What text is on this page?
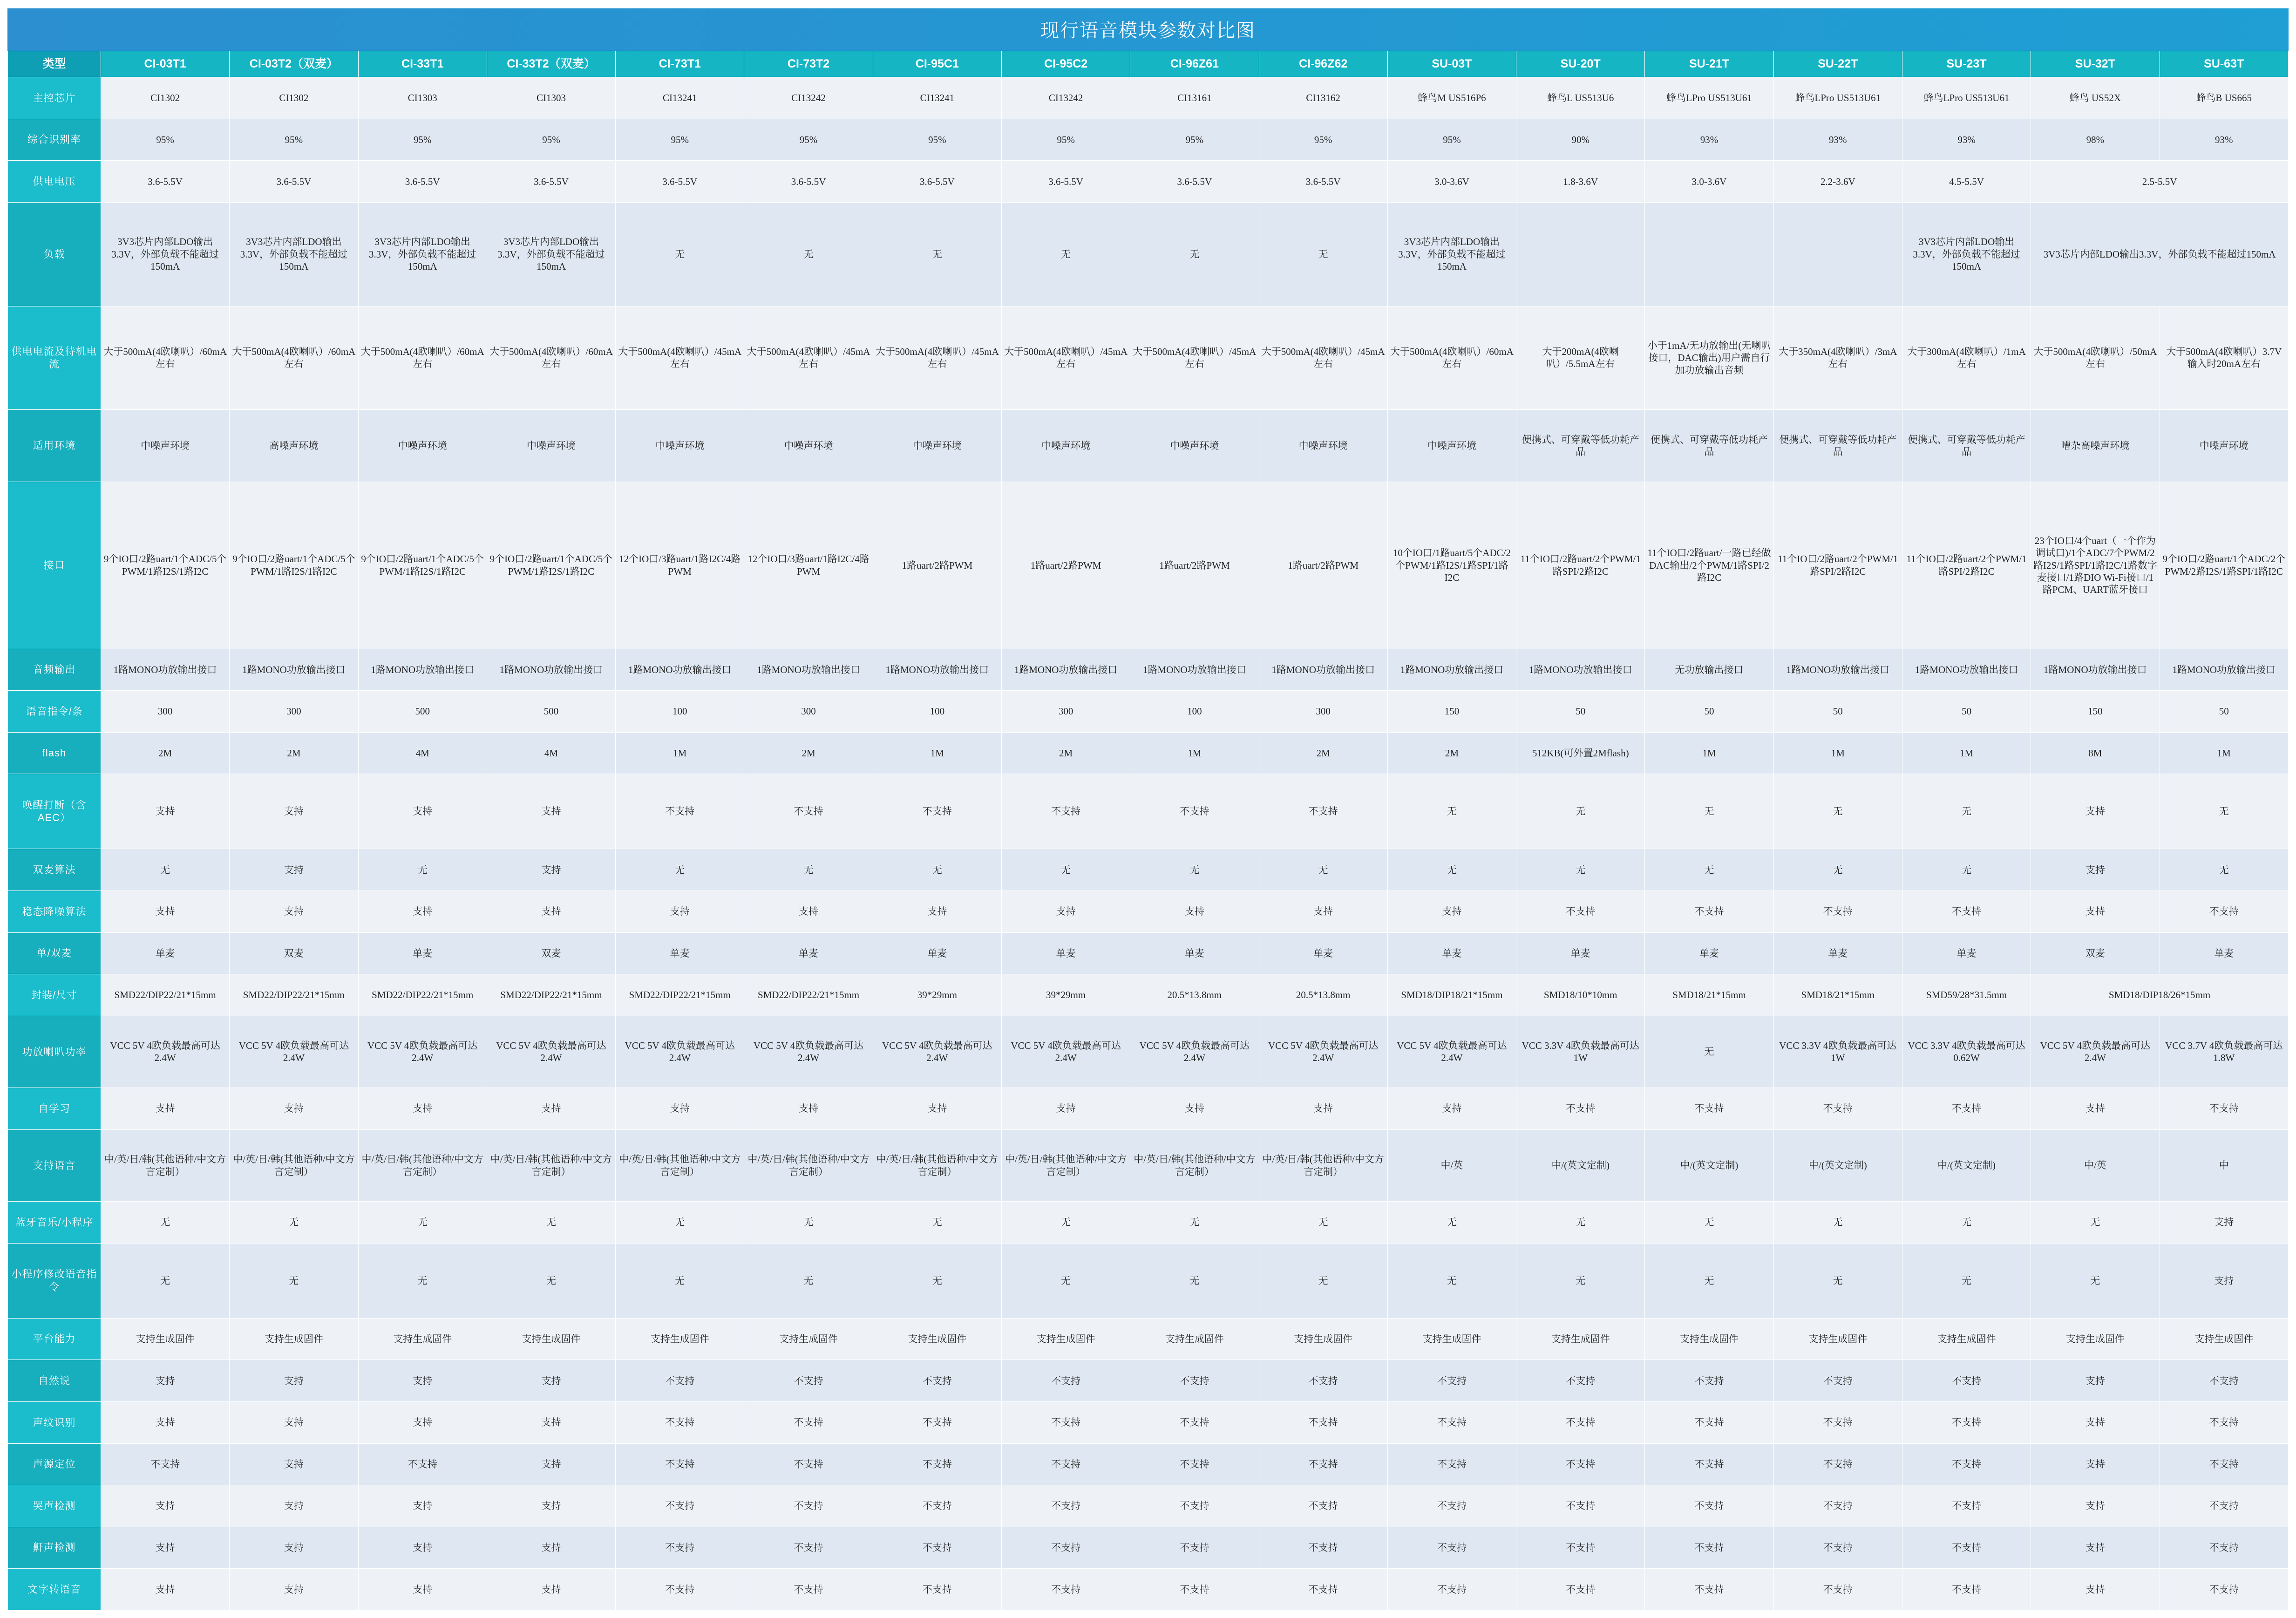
现行语音模块参数对比图
类型	CI-03T1	CI-03T2（双麦）	CI-33T1	CI-33T2（双麦）	CI-73T1	CI-73T2	CI-95C1	CI-95C2	CI-96Z61	CI-96Z62	SU-03T	SU-20T	SU-21T	SU-22T	SU-23T	SU-32T	SU-63T
主控芯片	CI1302	CI1302	CI1303	CI1303	CI13241	CI13242	CI13241	CI13242	CI13161	CI13162	蜂鸟M US516P6	蜂鸟L US513U6	蜂鸟LPro US513U61	蜂鸟LPro US513U61	蜂鸟LPro US513U61	蜂鸟 US52X	蜂鸟B US665
综合识别率	95%	95%	95%	95%	95%	95%	95%	95%	95%	95%	95%	90%	93%	93%	93%	98%	93%
供电电压	3.6-5.5V	3.6-5.5V	3.6-5.5V	3.6-5.5V	3.6-5.5V	3.6-5.5V	3.6-5.5V	3.6-5.5V	3.6-5.5V	3.6-5.5V	3.0-3.6V	1.8-3.6V	3.0-3.6V	2.2-3.6V	4.5-5.5V	2.5-5.5V	
负载	3V3芯片内部LDO输出3.3V，外部负载不能超过150mA	3V3芯片内部LDO输出3.3V，外部负载不能超过150mA	3V3芯片内部LDO输出3.3V，外部负载不能超过150mA	3V3芯片内部LDO输出3.3V，外部负载不能超过150mA	无	无	无	无	无	无	3V3芯片内部LDO输出3.3V，外部负载不能超过150mA				3V3芯片内部LDO输出3.3V，外部负载不能超过150mA	3V3芯片内部LDO输出3.3V，外部负载不能超过150mA	
供电电流及待机电流	大于500mA(4欧喇叭）/60mA左右	大于500mA(4欧喇叭）/60mA左右	大于500mA(4欧喇叭）/60mA左右	大于500mA(4欧喇叭）/60mA左右	大于500mA(4欧喇叭）/45mA左右	大于500mA(4欧喇叭）/45mA左右	大于500mA(4欧喇叭）/45mA左右	大于500mA(4欧喇叭）/45mA左右	大于500mA(4欧喇叭）/45mA左右	大于500mA(4欧喇叭）/45mA左右	大于500mA(4欧喇叭）/60mA左右	大于200mA(4欧喇叭）/5.5mA左右	小于1mA/无功放输出(无喇叭接口，DAC输出)用户需自行加功放输出音频	大于350mA(4欧喇叭）/3mA左右	大于300mA(4欧喇叭）/1mA左右	大于500mA(4欧喇叭）/50mA左右	大于500mA(4欧喇叭）3.7V输入时20mA左右
适用环境	中噪声环境	高噪声环境	中噪声环境	中噪声环境	中噪声环境	中噪声环境	中噪声环境	中噪声环境	中噪声环境	中噪声环境	中噪声环境	便携式、可穿戴等低功耗产品	便携式、可穿戴等低功耗产品	便携式、可穿戴等低功耗产品	便携式、可穿戴等低功耗产品	嘈杂高噪声环境	中噪声环境
接口	9个IO口/2路uart/1个ADC/5个PWM/1路I2S/1路I2C	9个IO口/2路uart/1个ADC/5个PWM/1路I2S/1路I2C	9个IO口/2路uart/1个ADC/5个PWM/1路I2S/1路I2C	9个IO口/2路uart/1个ADC/5个PWM/1路I2S/1路I2C	12个IO口/3路uart/1路I2C/4路PWM	12个IO口/3路uart/1路I2C/4路PWM	1路uart/2路PWM	1路uart/2路PWM	1路uart/2路PWM	1路uart/2路PWM	10个IO口/1路uart/5个ADC/2个PWM/1路I2S/1路SPI/1路I2C	11个IO口/2路uart/2个PWM/1路SPI/2路I2C	11个IO口/2路uart/一路已经做DAC输出/2个PWM/1路SPI/2路I2C	11个IO口/2路uart/2个PWM/1路SPI/2路I2C	11个IO口/2路uart/2个PWM/1路SPI/2路I2C	23个IO口/4个uart（一个作为调试口)/1个ADC/7个PWM/2路I2S/1路SPI/1路I2C/1路数字麦接口/1路DIO Wi-Fi接口/1路PCM、UART蓝牙接口	9个IO口/2路uart/1个ADC/2个PWM/2路I2S/1路SPI/1路I2C
音频输出	1路MONO功放输出接口	1路MONO功放输出接口	1路MONO功放输出接口	1路MONO功放输出接口	1路MONO功放输出接口	1路MONO功放输出接口	1路MONO功放输出接口	1路MONO功放输出接口	1路MONO功放输出接口	1路MONO功放输出接口	1路MONO功放输出接口	1路MONO功放输出接口	无功放输出接口	1路MONO功放输出接口	1路MONO功放输出接口	1路MONO功放输出接口	1路MONO功放输出接口
语音指令/条	300	300	500	500	100	300	100	300	100	300	150	50	50	50	50	150	50
flash	2M	2M	4M	4M	1M	2M	1M	2M	1M	2M	2M	512KB(可外置2Mflash)	1M	1M	1M	8M	1M
唤醒打断（含AEC）	支持	支持	支持	支持	不支持	不支持	不支持	不支持	不支持	不支持	无	无	无	无	无	支持	无
双麦算法	无	支持	无	支持	无	无	无	无	无	无	无	无	无	无	无	支持	无
稳态降噪算法	支持	支持	支持	支持	支持	支持	支持	支持	支持	支持	支持	不支持	不支持	不支持	不支持	支持	不支持
单/双麦	单麦	双麦	单麦	双麦	单麦	单麦	单麦	单麦	单麦	单麦	单麦	单麦	单麦	单麦	单麦	双麦	单麦
封装/尺寸	SMD22/DIP22/21*15mm	SMD22/DIP22/21*15mm	SMD22/DIP22/21*15mm	SMD22/DIP22/21*15mm	SMD22/DIP22/21*15mm	SMD22/DIP22/21*15mm	39*29mm	39*29mm	20.5*13.8mm	20.5*13.8mm	SMD18/DIP18/21*15mm	SMD18/10*10mm	SMD18/21*15mm	SMD18/21*15mm	SMD59/28*31.5mm	SMD18/DIP18/26*15mm	
功放喇叭功率	VCC 5V 4欧负载最高可达2.4W	VCC 5V 4欧负载最高可达2.4W	VCC 5V 4欧负载最高可达2.4W	VCC 5V 4欧负载最高可达2.4W	VCC 5V 4欧负载最高可达2.4W	VCC 5V 4欧负载最高可达2.4W	VCC 5V 4欧负载最高可达2.4W	VCC 5V 4欧负载最高可达2.4W	VCC 5V 4欧负载最高可达2.4W	VCC 5V 4欧负载最高可达2.4W	VCC 5V 4欧负载最高可达2.4W	VCC 3.3V 4欧负载最高可达1W	无	VCC 3.3V 4欧负载最高可达1W	VCC 3.3V 4欧负载最高可达0.62W	VCC 5V 4欧负载最高可达2.4W	VCC 3.7V 4欧负载最高可达1.8W
自学习	支持	支持	支持	支持	支持	支持	支持	支持	支持	支持	支持	不支持	不支持	不支持	不支持	支持	不支持
支持语言	中/英/日/韩(其他语种/中文方言定制）	中/英/日/韩(其他语种/中文方言定制）	中/英/日/韩(其他语种/中文方言定制）	中/英/日/韩(其他语种/中文方言定制）	中/英/日/韩(其他语种/中文方言定制）	中/英/日/韩(其他语种/中文方言定制）	中/英/日/韩(其他语种/中文方言定制）	中/英/日/韩(其他语种/中文方言定制）	中/英/日/韩(其他语种/中文方言定制）	中/英/日/韩(其他语种/中文方言定制）	中/英	中/(英文定制)	中/(英文定制)	中/(英文定制)	中/(英文定制)	中/英	中
蓝牙音乐/小程序	无	无	无	无	无	无	无	无	无	无	无	无	无	无	无	无	支持
小程序修改语音指令	无	无	无	无	无	无	无	无	无	无	无	无	无	无	无	无	支持
平台能力	支持生成固件	支持生成固件	支持生成固件	支持生成固件	支持生成固件	支持生成固件	支持生成固件	支持生成固件	支持生成固件	支持生成固件	支持生成固件	支持生成固件	支持生成固件	支持生成固件	支持生成固件	支持生成固件	支持生成固件
自然说	支持	支持	支持	支持	不支持	不支持	不支持	不支持	不支持	不支持	不支持	不支持	不支持	不支持	不支持	支持	不支持
声纹识别	支持	支持	支持	支持	不支持	不支持	不支持	不支持	不支持	不支持	不支持	不支持	不支持	不支持	不支持	支持	不支持
声源定位	不支持	支持	不支持	支持	不支持	不支持	不支持	不支持	不支持	不支持	不支持	不支持	不支持	不支持	不支持	支持	不支持
哭声检测	支持	支持	支持	支持	不支持	不支持	不支持	不支持	不支持	不支持	不支持	不支持	不支持	不支持	不支持	支持	不支持
鼾声检测	支持	支持	支持	支持	不支持	不支持	不支持	不支持	不支持	不支持	不支持	不支持	不支持	不支持	不支持	支持	不支持
文字转语音	支持	支持	支持	支持	不支持	不支持	不支持	不支持	不支持	不支持	不支持	不支持	不支持	不支持	不支持	支持	不支持
